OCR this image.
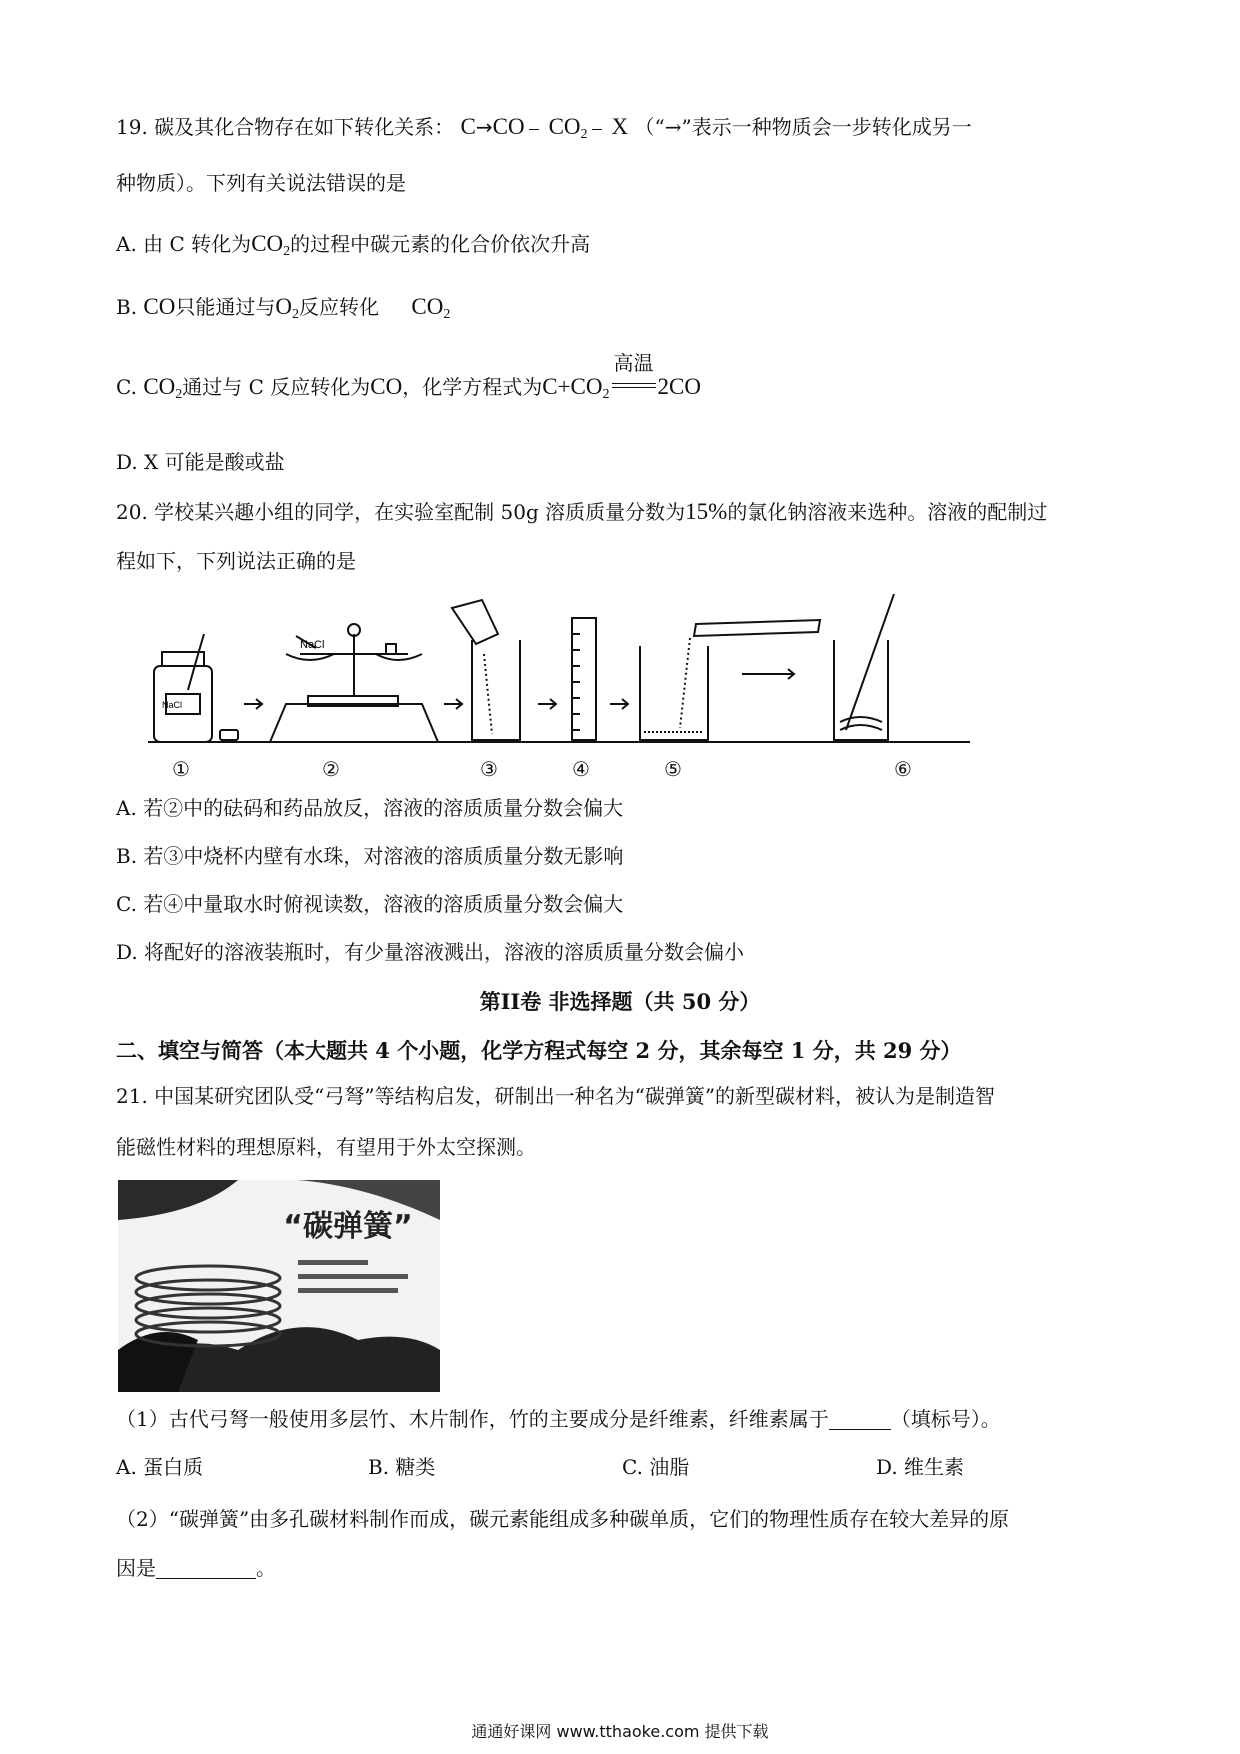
19. 碳及其化合物存在如下转化关系： C→CO $CO_2$ X （“→”表示一种物质会一步转化成另一
种物质）。下列有关说法错误的是
A. 由 C 转化为$CO_2$的过程中碳元素的化合价依次升高
B. CO只能通过与$O_2$反应转化 $CO_2$
C. $CO_2$通过与 C 反应转化为CO，化学方程式为$C+CO_2$
高温
2CO
D. X 可能是酸或盐
20. 学校某兴趣小组的同学，在实验室配制 50g 溶质质量分数为15%的氯化钠溶液来选种。溶液的配制过
程如下，下列说法正确的是
NaCl
NaCl
①	②	③	④	⑤	⑥
A. 若②中的砝码和药品放反，溶液的溶质质量分数会偏大
B. 若③中烧杯内壁有水珠，对溶液的溶质质量分数无影响
C. 若④中量取水时俯视读数，溶液的溶质质量分数会偏大
D. 将配好的溶液装瓶时，有少量溶液溅出，溶液的溶质质量分数会偏小
第II卷 非选择题（共 50 分）
二、填空与简答（本大题共 4 个小题，化学方程式每空 2 分，其余每空 1 分，共 29 分）
21. 中国某研究团队受“弓弩”等结构启发，研制出一种名为“碳弹簧”的新型碳材料，被认为是制造智
能磁性材料的理想原料，有望用于外太空探测。
“碳弹簧”
（1）古代弓弩一般使用多层竹、木片制作，竹的主要成分是纤维素，纤维素属于	（填标号）。
A. 蛋白质	B. 糖类	C. 油脂	D. 维生素
（2）“碳弹簧”由多孔碳材料制作而成，碳元素能组成多种碳单质，它们的物理性质存在较大差异的原
因是	。
通通好课网 www.tthaoke.com 提供下载
